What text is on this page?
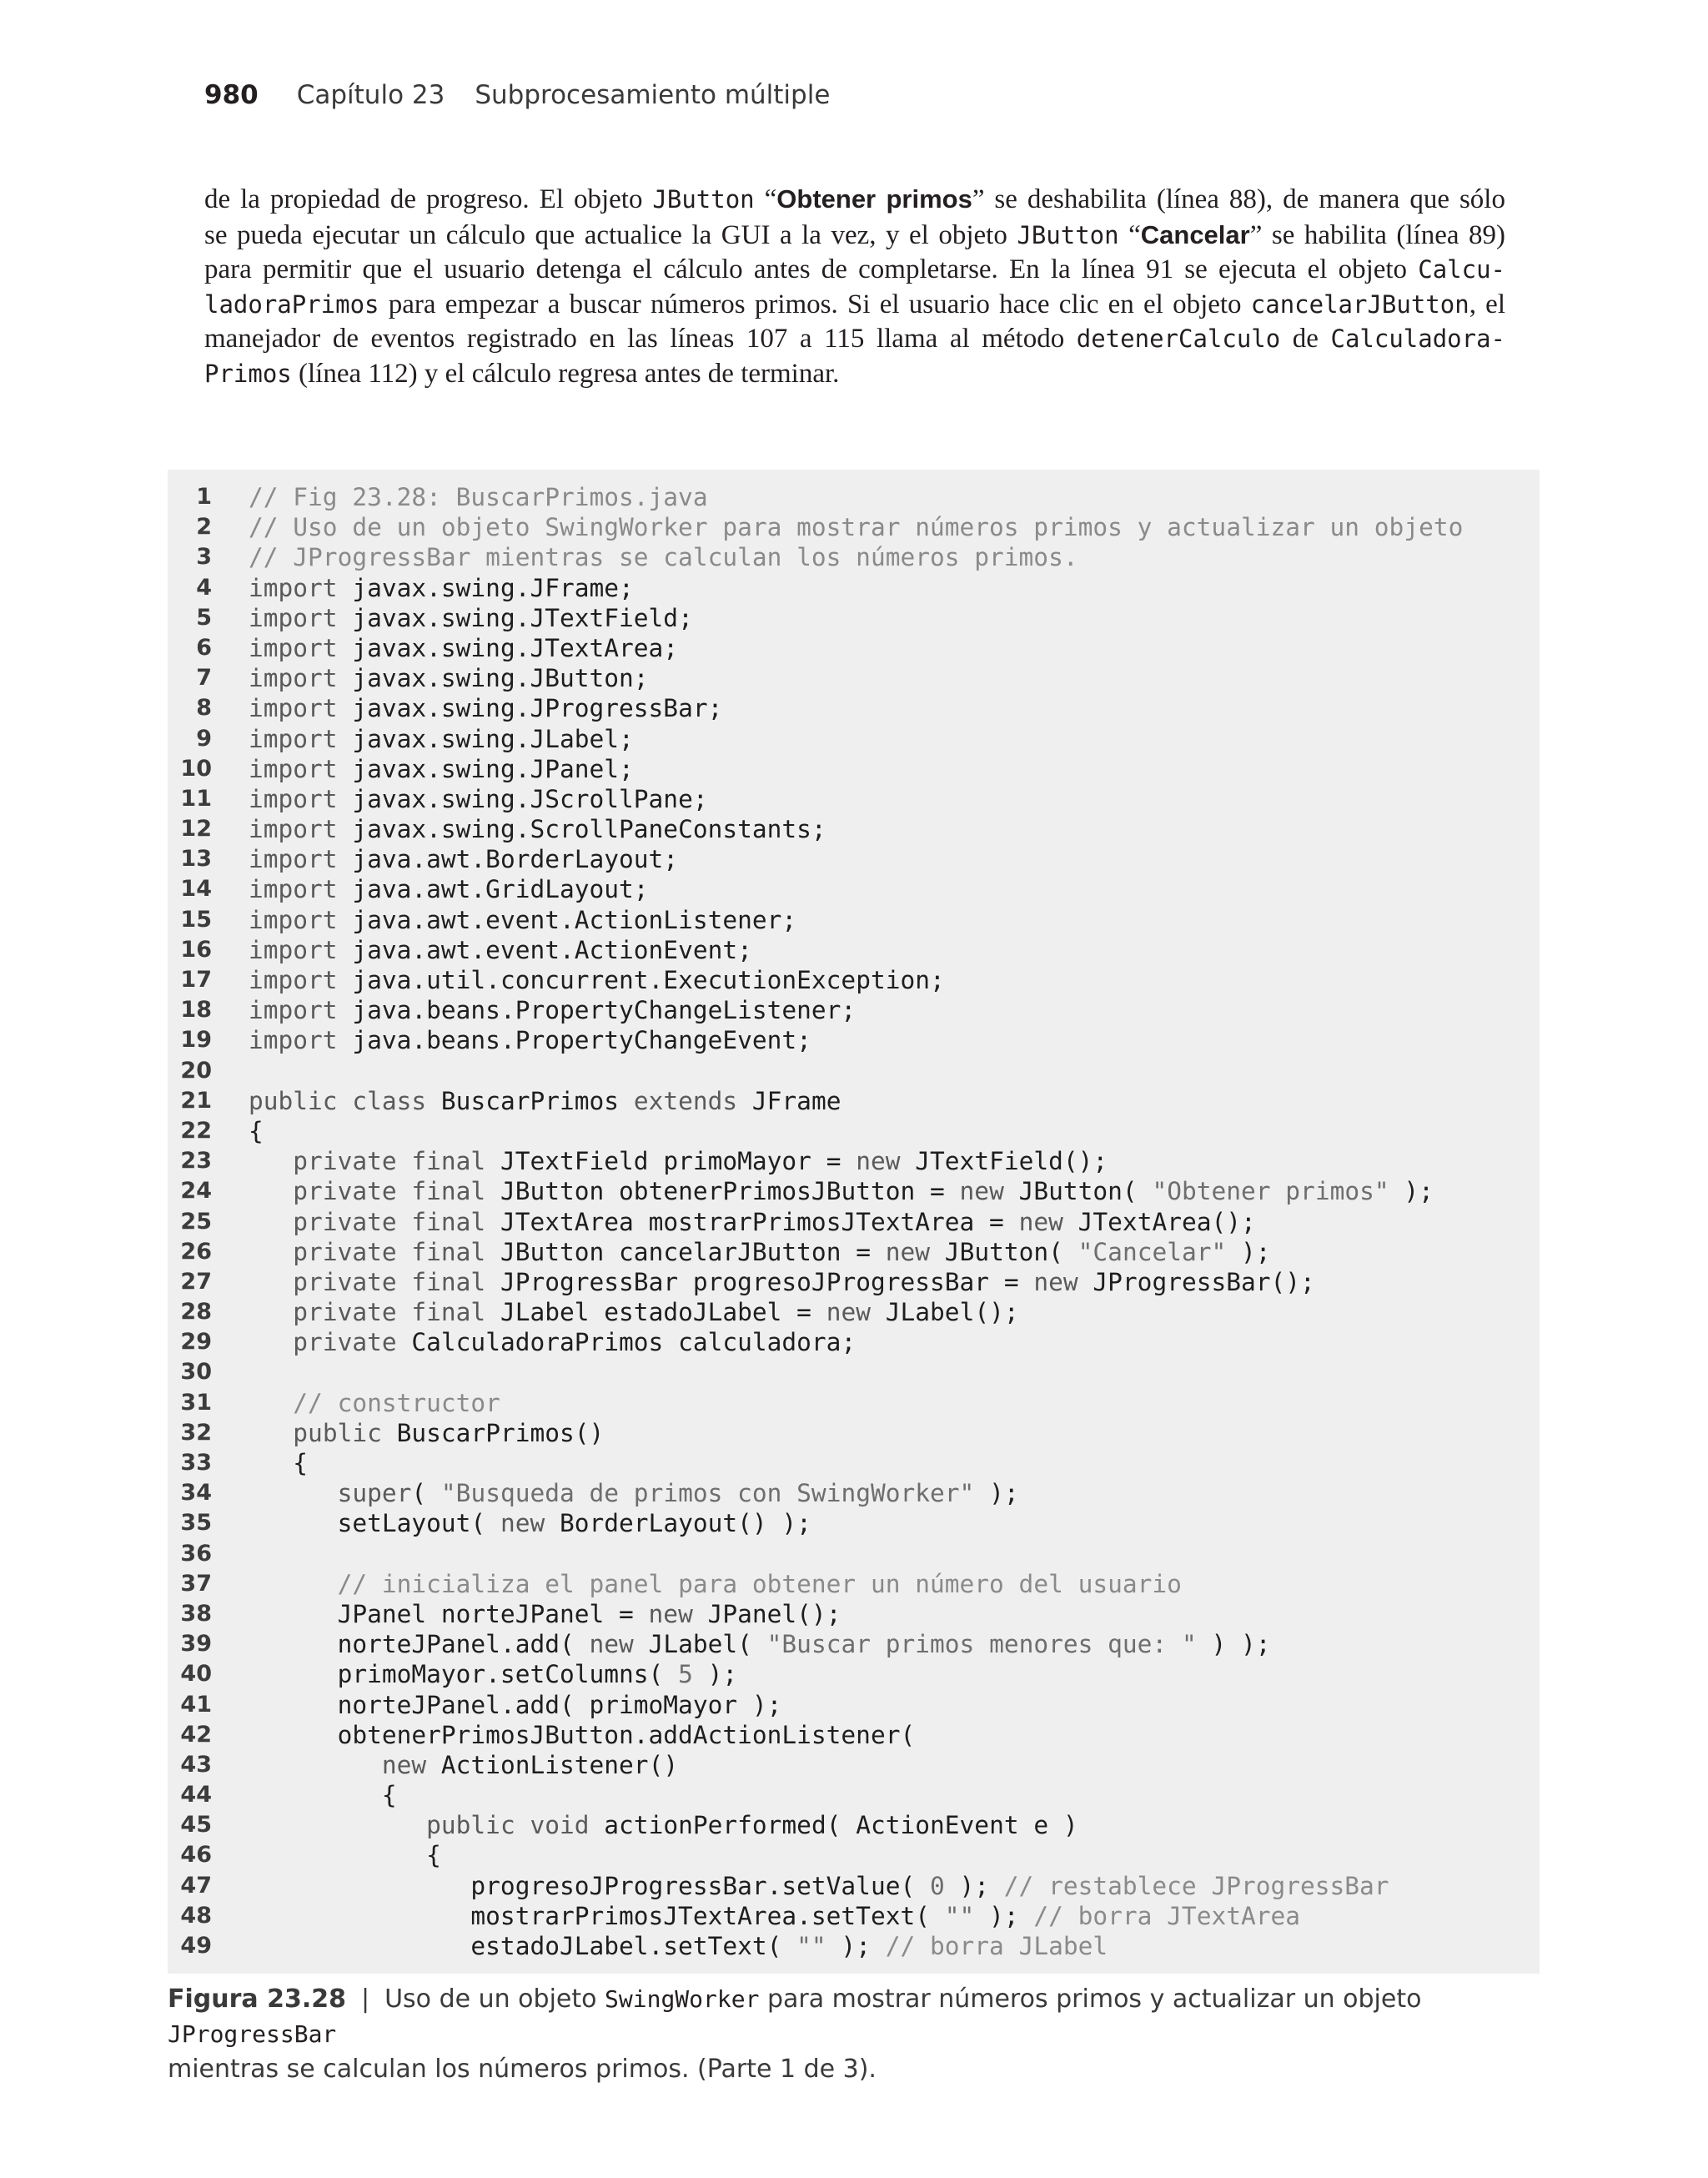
980 Capítulo 23 Subprocesamiento múltiple
de la propiedad de progreso. El objeto JButton “Obtener primos” se deshabilita (línea 88), de manera que sólo
se pueda ejecutar un cálculo que actualice la GUI a la vez, y el objeto JButton “Cancelar” se habilita (línea 89)
para permitir que el usuario detenga el cálculo antes de completarse. En la línea 91 se ejecuta el objeto Calcu-
ladoraPrimos para empezar a buscar números primos. Si el usuario hace clic en el objeto cancelarJButton, el
manejador de eventos registrado en las líneas 107 a 115 llama al método detenerCalculo de Calculadora-
Primos (línea 112) y el cálculo regresa antes de terminar.
1 // Fig 23.28: BuscarPrimos.java
2 // Uso de un objeto SwingWorker para mostrar números primos y actualizar un objeto
3 // JProgressBar mientras se calculan los números primos.
4 import javax.swing.JFrame;
5 import javax.swing.JTextField;
6 import javax.swing.JTextArea;
7 import javax.swing.JButton;
8 import javax.swing.JProgressBar;
9 import javax.swing.JLabel;
10 import javax.swing.JPanel;
11 import javax.swing.JScrollPane;
12 import javax.swing.ScrollPaneConstants;
13 import java.awt.BorderLayout;
14 import java.awt.GridLayout;
15 import java.awt.event.ActionListener;
16 import java.awt.event.ActionEvent;
17 import java.util.concurrent.ExecutionException;
18 import java.beans.PropertyChangeListener;
19 import java.beans.PropertyChangeEvent;
20
21 public class BuscarPrimos extends JFrame
22 {
23	private final JTextField primoMayor = new JTextField();
24	private final JButton obtenerPrimosJButton = new JButton( "Obtener primos" );
25	private final JTextArea mostrarPrimosJTextArea = new JTextArea();
26	private final JButton cancelarJButton = new JButton( "Cancelar" );
27	private final JProgressBar progresoJProgressBar = new JProgressBar();
28	private final JLabel estadoJLabel = new JLabel();
29	private CalculadoraPrimos calculadora;
30
31	// constructor
32	public BuscarPrimos()
33 {
34	super( "Busqueda de primos con SwingWorker" );
35 setLayout( new BorderLayout() );
36
37	// inicializa el panel para obtener un número del usuario
38 JPanel norteJPanel = new JPanel();
39 norteJPanel.add( new JLabel( "Buscar primos menores que: " ) );
40 primoMayor.setColumns( 5 );
41 norteJPanel.add( primoMayor );
42 obtenerPrimosJButton.addActionListener(
43	new ActionListener()
44 {
45	public void actionPerformed( ActionEvent e )
46 {
47 progresoJProgressBar.setValue( 0 ); // restablece JProgressBar
48 mostrarPrimosJTextArea.setText( "" ); // borra JTextArea
49 estadoJLabel.setText( "" ); // borra JLabel
Figura 23.28 | Uso de un objeto SwingWorker para mostrar números primos y actualizar un objeto JProgressBar
mientras se calculan los números primos. (Parte 1 de 3).
